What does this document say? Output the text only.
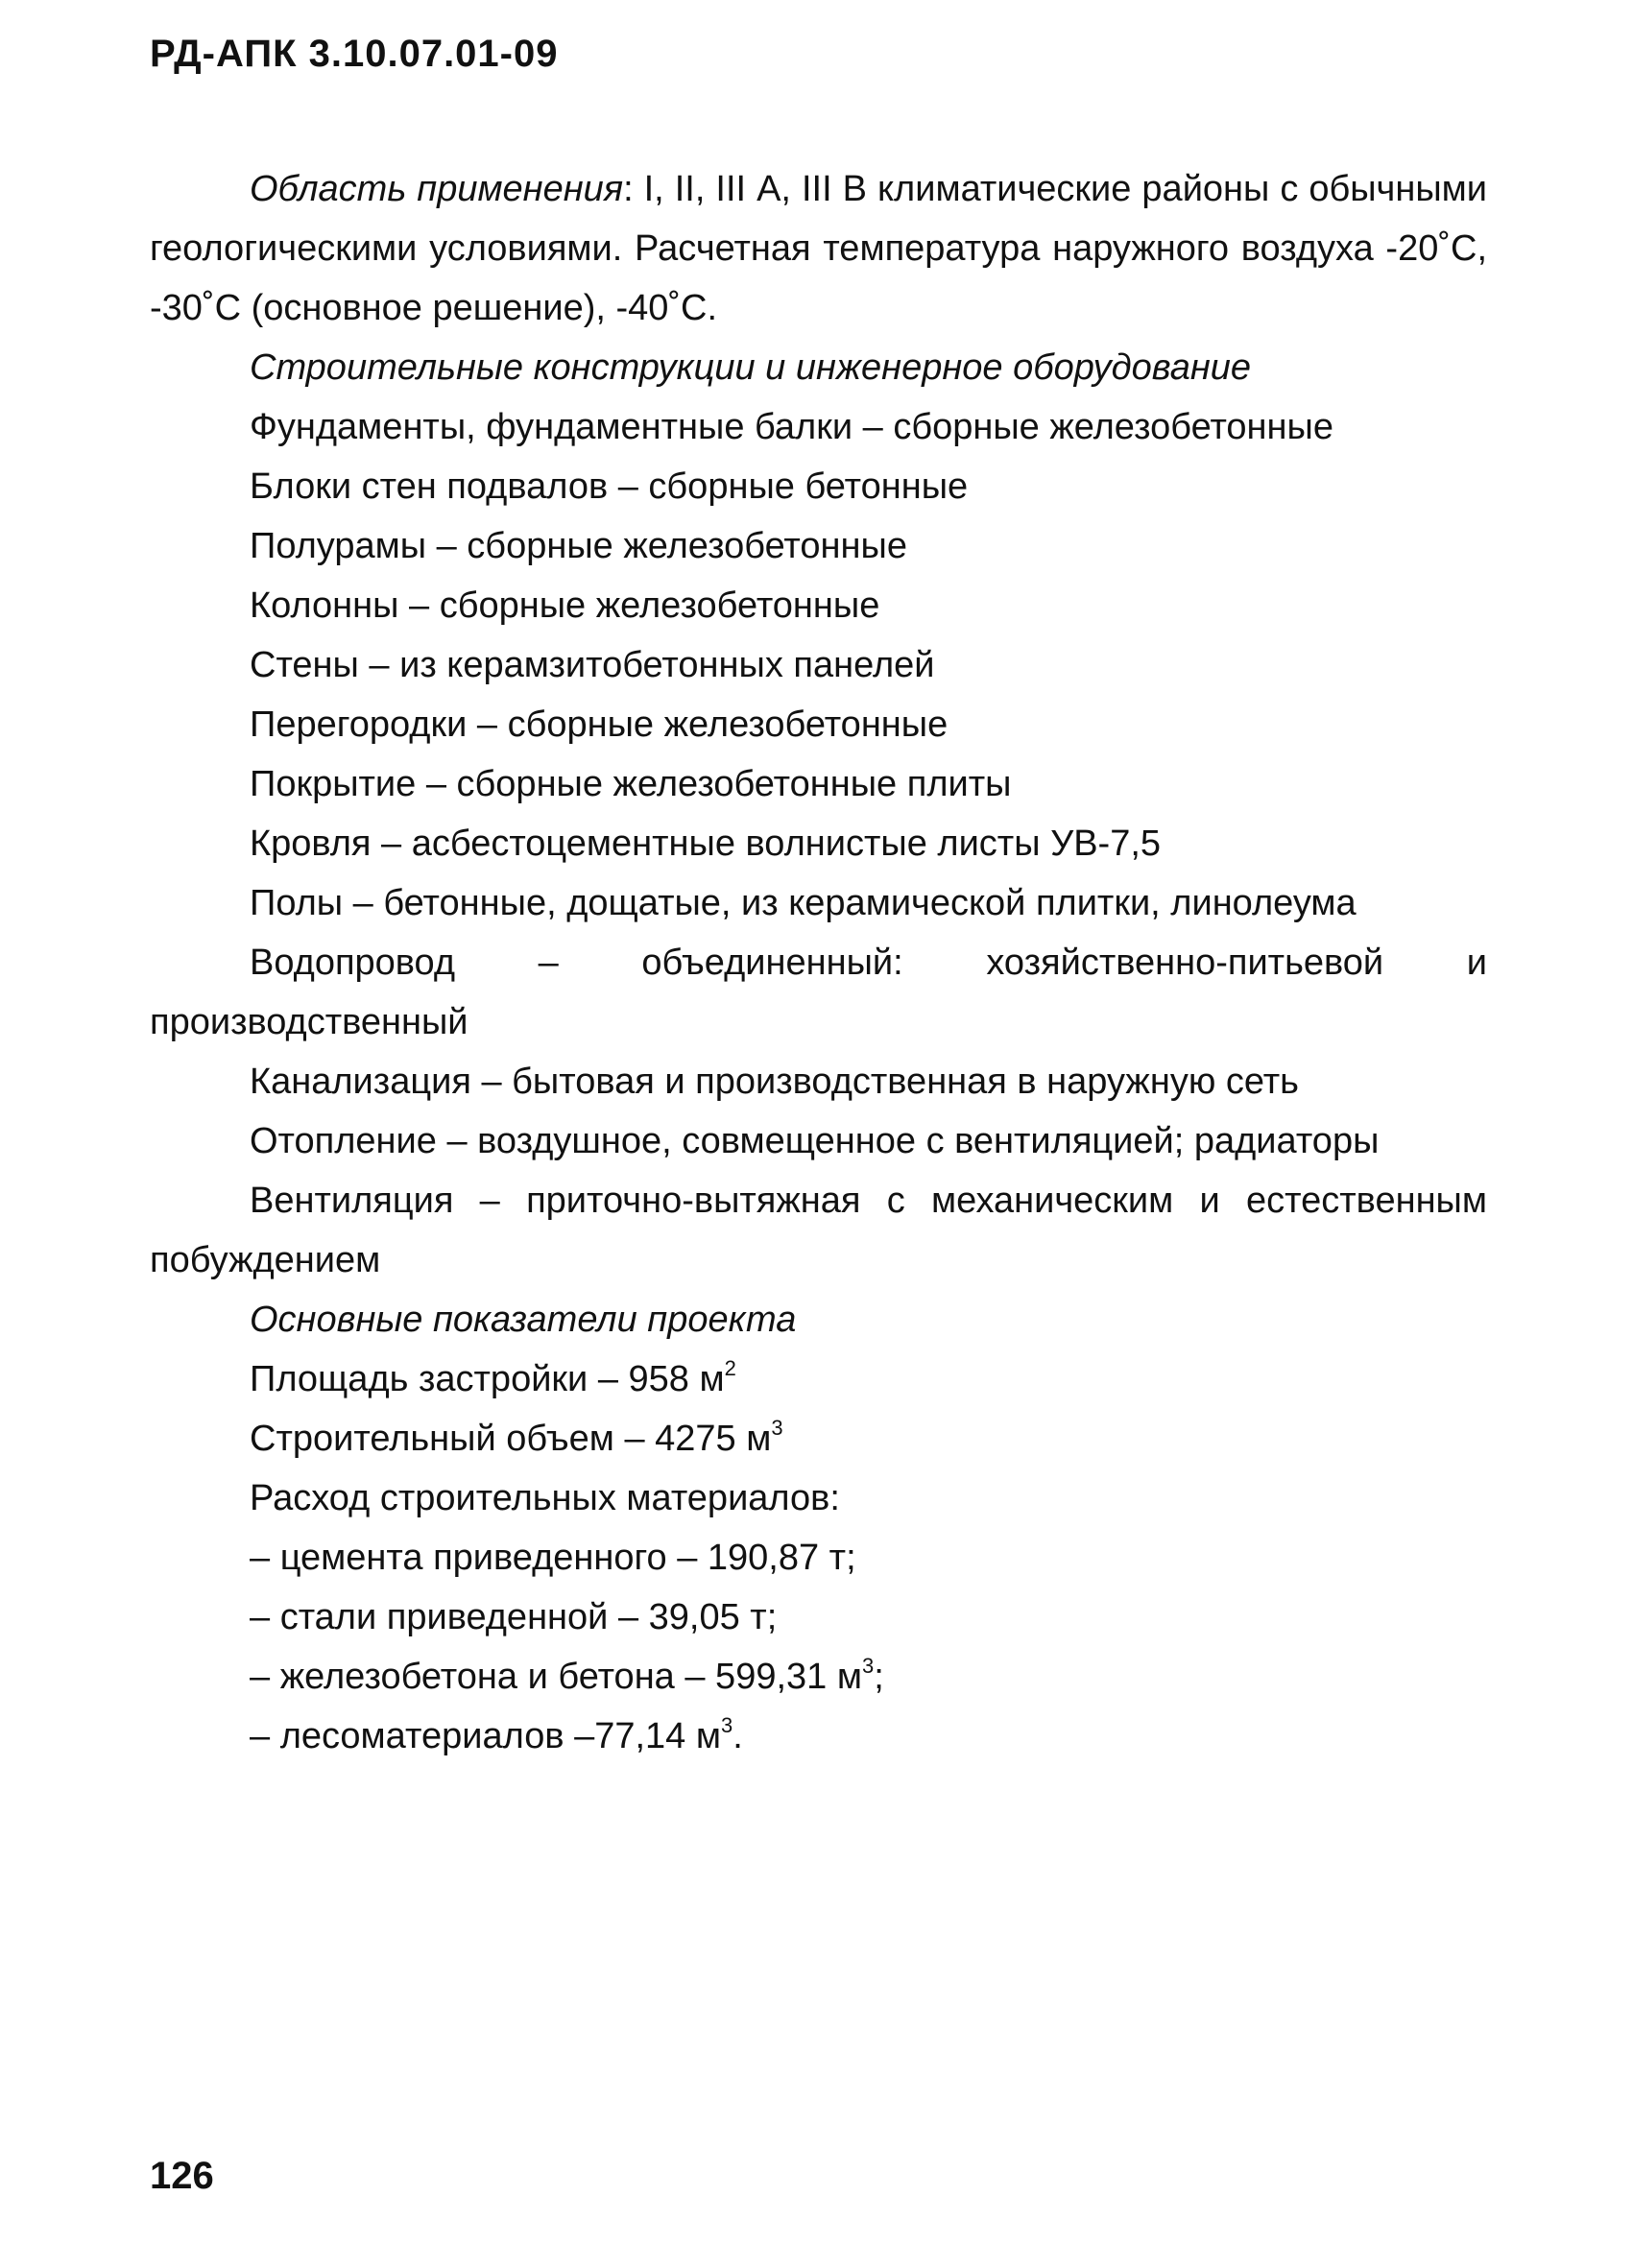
РД-АПК 3.10.07.01-09

Область применения: I, II, III А, III В климатические районы с обычными геологическими условиями. Расчетная температура наружного воздуха -20˚С, -30˚С (основное решение), -40˚С.

Строительные конструкции и инженерное оборудование

Фундаменты, фундаментные балки – сборные железобетонные

Блоки стен подвалов – сборные бетонные

Полурамы – сборные железобетонные

Колонны – сборные железобетонные

Стены – из керамзитобетонных панелей

Перегородки – сборные железобетонные

Покрытие – сборные железобетонные плиты

Кровля – асбестоцементные волнистые листы УВ-7,5

Полы – бетонные, дощатые, из керамической плитки, линолеума

Водопровод – объединенный: хозяйственно-питьевой и производственный

Канализация – бытовая и производственная в наружную сеть

Отопление – воздушное, совмещенное с вентиляцией; радиаторы

Вентиляция – приточно-вытяжная с механическим и естественным побуждением

Основные показатели проекта

Площадь застройки – 958 $м^2$

Строительный объем – 4275 $м^3$

Расход строительных материалов:

– цемента приведенного – 190,87 т;

– стали приведенной – 39,05 т;

– железобетона и бетона – 599,31 $м^3$;

– лесоматериалов –77,14 $м^3$.

126
